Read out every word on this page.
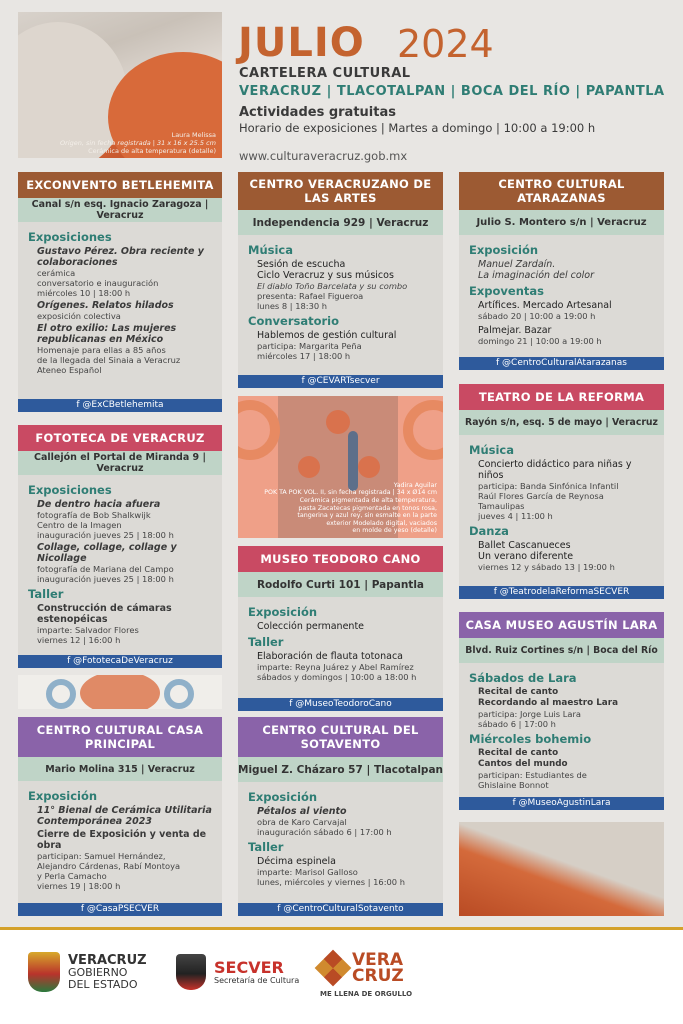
Laura Melissa
Origen, sin fecha registrada | 31 x 16 x 25.5 cm
Cerámica de alta temperatura (detalle)
JULIO 2024
CARTELERA CULTURAL
VERACRUZ | TLACOTALPAN | BOCA DEL RÍO | PAPANTLA
Actividades gratuitas
Horario de exposiciones | Martes a domingo | 10:00 a 19:00 h
www.culturaveracruz.gob.mx
EXCONVENTO BETLEHEMITA
Canal s/n esq. Ignacio Zaragoza | Veracruz
Exposiciones
Gustavo Pérez. Obra reciente y colaboraciones
cerámica
conversatorio e inauguración
miércoles 10 | 18:00 h
Orígenes. Relatos hilados
exposición colectiva
El otro exilio: Las mujeres republicanas en México
Homenaje para ellas a 85 años
de la llegada del Sinaia a Veracruz
Ateneo Español
f @ExCBetlehemita
FOTOTECA DE VERACRUZ
Callejón el Portal de Miranda 9 | Veracruz
Exposiciones
De dentro hacia afuera
fotografía de Bob Shalkwijk
Centro de la Imagen
inauguración jueves 25 | 18:00 h
Collage, collage, collage y Nicollage
fotografía de Mariana del Campo
inauguración jueves 25 | 18:00 h
Taller
Construcción de cámaras estenopéicas
imparte: Salvador Flores
viernes 12 | 16:00 h
f @FototecaDeVeracruz
CENTRO CULTURAL CASA PRINCIPAL
Mario Molina 315 | Veracruz
Exposición
11° Bienal de Cerámica Utilitaria Contemporánea 2023
Cierre de Exposición y venta de obra
participan: Samuel Hernández,
Alejandro Cárdenas, Rabí Montoya
y Perla Camacho
viernes 19 | 18:00 h
f @CasaPSECVER
CENTRO VERACRUZANO DE LAS ARTES
Independencia 929 | Veracruz
Música
Sesión de escucha
Ciclo Veracruz y sus músicos
El diablo Toño Barcelata y su combo
presenta: Rafael Figueroa
lunes 8 | 18:30 h
Conversatorio
Hablemos de gestión cultural
participa: Margarita Peña
miércoles 17 | 18:00 h
f @CEVARTsecver
Yadira Aguilar
POK TA POK VOL. II, sin fecha registrada | 34 x Ø14 cm
Cerámica pigmentada de alta temperatura,
pasta Zacatecas pigmentada en tonos rosa,
tangerina y azul rey, sin esmalte en la parte
exterior Modelado digital, vaciados
en molde de yeso (detalle)
MUSEO TEODORO CANO
Rodolfo Curti 101 | Papantla
Exposición
Colección permanente
Taller
Elaboración de flauta totonaca
imparte: Reyna Juárez y Abel Ramírez
sábados y domingos | 10:00 a 18:00 h
f @MuseoTeodoroCano
CENTRO CULTURAL DEL SOTAVENTO
Miguel Z. Cházaro 57 | Tlacotalpan
Exposición
Pétalos al viento
obra de Karo Carvajal
inauguración sábado 6 | 17:00 h
Taller
Décima espinela
imparte: Marisol Galloso
lunes, miércoles y viernes | 16:00 h
f @CentroCulturalSotavento
CENTRO CULTURAL ATARAZANAS
Julio S. Montero s/n | Veracruz
Exposición
Manuel Zardaín.
La imaginación del color
Expoventas
Artífices. Mercado Artesanal
sábado 20 | 10:00 a 19:00 h
Palmejar. Bazar
domingo 21 | 10:00 a 19:00 h
f @CentroCulturalAtarazanas
TEATRO DE LA REFORMA
Rayón s/n, esq. 5 de mayo | Veracruz
Música
Concierto didáctico para niñas y niños
participa: Banda Sinfónica Infantil
Raúl Flores García de Reynosa
Tamaulipas
jueves 4 | 11:00 h
Danza
Ballet Cascanueces
Un verano diferente
viernes 12 y sábado 13 | 19:00 h
f @TeatrodelaReformaSECVER
CASA MUSEO AGUSTÍN LARA
Blvd. Ruiz Cortines s/n | Boca del Río
Sábados de Lara
Recital de canto
Recordando al maestro Lara
participa: Jorge Luis Lara
sábado 6 | 17:00 h
Miércoles bohemio
Recital de canto
Cantos del mundo
participan: Estudiantes de
Ghislaine Bonnot
f @MuseoAgustinLara
VERACRUZ
GOBIERNO
DEL ESTADO
SECVER
Secretaría de Cultura
VERA
CRUZ
ME LLENA DE ORGULLO
